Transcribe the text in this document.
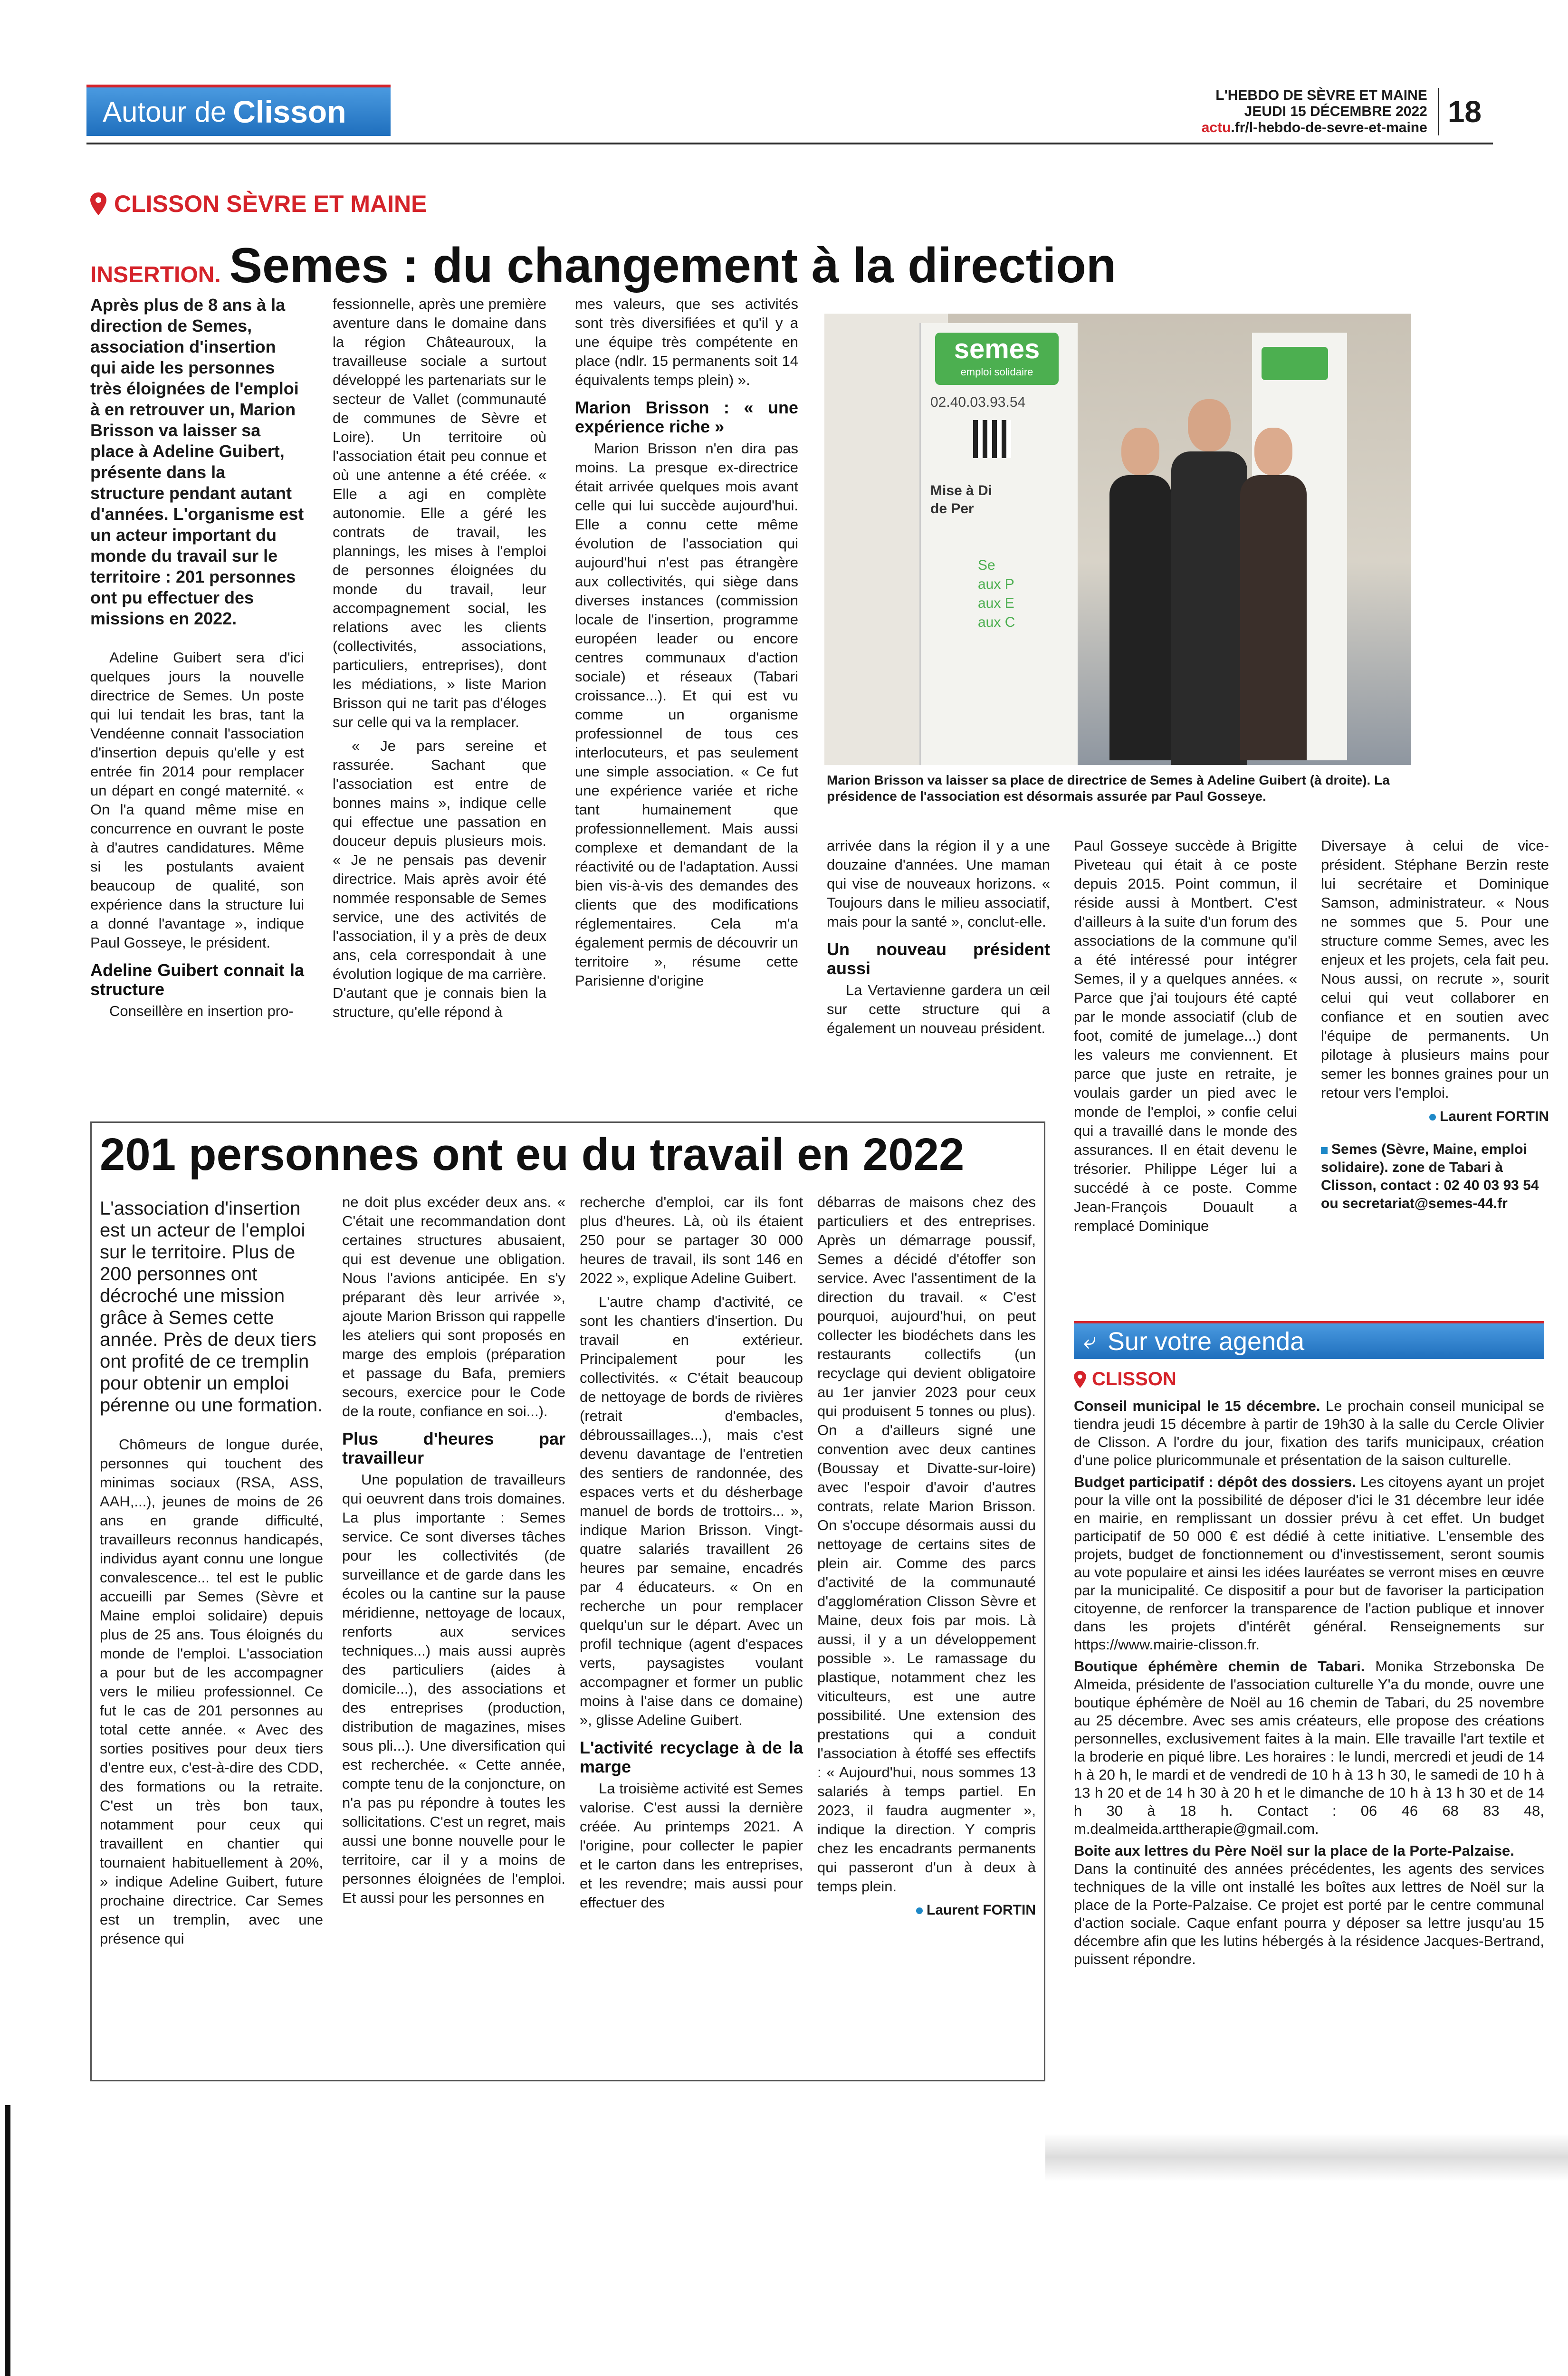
Autour de Clisson	L'HEBDO DE SÈVRE ET MAINE
JEUDI 15 DÉCEMBRE 2022
actu.fr/l-hebdo-de-sevre-et-maine 18
CLISSON SÈVRE ET MAINE
INSERTION. Semes : du changement à la direction

Après plus de 8 ans à la direction de Semes, association d'insertion qui aide les personnes très éloignées de l'emploi à en retrouver un, Marion Brisson va laisser sa place à Adeline Guibert, présente dans la structure pendant autant d'années. L'organisme est un acteur important du monde du travail sur le territoire : 201 personnes ont pu effectuer des missions en 2022.

Adeline Guibert sera d'ici quelques jours la nouvelle directrice de Semes. Un poste qui lui tendait les bras, tant la Vendéenne connait l'association d'insertion depuis qu'elle y est entrée fin 2014 pour remplacer un départ en congé maternité. « On l'a quand même mise en concurrence en ouvrant le poste à d'autres candidatures. Même si les postulants avaient beaucoup de qualité, son expérience dans la structure lui a donné l'avantage », indique Paul Gosseye, le président.

Adeline Guibert connait la structure

Conseillère en insertion pro-

fessionnelle, après une première aventure dans le domaine dans la région Châteauroux, la travailleuse sociale a surtout développé les partenariats sur le secteur de Vallet (communauté de communes de Sèvre et Loire). Un territoire où l'association était peu connue et où une antenne a été créée. « Elle a agi en complète autonomie. Elle a géré les contrats de travail, les plannings, les mises à l'emploi de personnes éloignées du monde du travail, leur accompagnement social, les relations avec les clients (collectivités, associations, particuliers, entreprises), dont les médiations, » liste Marion Brisson qui ne tarit pas d'éloges sur celle qui va la remplacer.

« Je pars sereine et rassurée. Sachant que l'association est entre de bonnes mains », indique celle qui effectue une passation en douceur depuis plusieurs mois. « Je ne pensais pas devenir directrice. Mais après avoir été nommée responsable de Semes service, une des activités de l'association, il y a près de deux ans, cela correspondait à une évolution logique de ma carrière. D'autant que je connais bien la structure, qu'elle répond à

mes valeurs, que ses activités sont très diversifiées et qu'il y a une équipe très compétente en place (ndlr. 15 permanents soit 14 équivalents temps plein) ».

Marion Brisson : « une expérience riche »

Marion Brisson n'en dira pas moins. La presque ex-directrice était arrivée quelques mois avant celle qui lui succède aujourd'hui. Elle a connu cette même évolution de l'association qui aujourd'hui n'est pas étrangère aux collectivités, qui siège dans diverses instances (commission locale de l'insertion, programme européen leader ou encore centres communaux d'action sociale) et réseaux (Tabari croissance...). Et qui est vu comme un organisme professionnel de tous ces interlocuteurs, et pas seulement une simple association. « Ce fut une expérience variée et riche tant humainement que professionnellement. Mais aussi complexe et demandant de la réactivité ou de l'adaptation. Aussi bien vis-à-vis des demandes des clients que des modifications réglementaires. Cela m'a également permis de découvrir un territoire », résume cette Parisienne d'origine

semes
emploi solidaire
02.40.03.93.54
Mise à Di de Per
Se aux P aux E aux C
Marion Brisson va laisser sa place de directrice de Semes à Adeline Guibert (à droite). La présidence de l'association est désormais assurée par Paul Gosseye.

arrivée dans la région il y a une douzaine d'années. Une maman qui vise de nouveaux horizons. « Toujours dans le milieu associatif, mais pour la santé », conclut-elle.

Un nouveau président aussi

La Vertavienne gardera un œil sur cette structure qui a également un nouveau président.

Paul Gosseye succède à Brigitte Piveteau qui était à ce poste depuis 2015. Point commun, il réside aussi à Montbert. C'est d'ailleurs à la suite d'un forum des associations de la commune qu'il a été intéressé pour intégrer Semes, il y a quelques années. « Parce que j'ai toujours été capté par le monde associatif (club de foot, comité de jumelage...) dont les valeurs me conviennent. Et parce que juste en retraite, je voulais garder un pied avec le monde de l'emploi, » confie celui qui a travaillé dans le monde des assurances. Il en était devenu le trésorier. Philippe Léger lui a succédé à ce poste. Comme Jean-François Douault a remplacé Dominique

Diversaye à celui de vice-président. Stéphane Berzin reste lui secrétaire et Dominique Samson, administrateur. « Nous ne sommes que 5. Pour une structure comme Semes, avec les enjeux et les projets, cela fait peu. Nous aussi, on recrute », sourit celui qui veut collaborer en confiance et en soutien avec l'équipe de permanents. Un pilotage à plusieurs mains pour semer les bonnes graines pour un retour vers l'emploi.

Laurent FORTIN
Semes (Sèvre, Maine, emploi solidaire). zone de Tabari à Clisson, contact : 02 40 03 93 54 ou secretariat@semes-44.fr
201 personnes ont eu du travail en 2022

L'association d'insertion est un acteur de l'emploi sur le territoire. Plus de 200 personnes ont décroché une mission grâce à Semes cette année. Près de deux tiers ont profité de ce tremplin pour obtenir un emploi pérenne ou une formation.

Chômeurs de longue durée, personnes qui touchent des minimas sociaux (RSA, ASS, AAH,...), jeunes de moins de 26 ans en grande difficulté, travailleurs reconnus handicapés, individus ayant connu une longue convalescence... tel est le public accueilli par Semes (Sèvre et Maine emploi solidaire) depuis plus de 25 ans. Tous éloignés du monde de l'emploi. L'association a pour but de les accompagner vers le milieu professionnel. Ce fut le cas de 201 personnes au total cette année. « Avec des sorties positives pour deux tiers d'entre eux, c'est-à-dire des CDD, des formations ou la retraite. C'est un très bon taux, notamment pour ceux qui travaillent en chantier qui tournaient habituellement à 20%, » indique Adeline Guibert, future prochaine directrice. Car Semes est un tremplin, avec une présence qui

ne doit plus excéder deux ans. « C'était une recommandation dont certaines structures abusaient, qui est devenue une obligation. Nous l'avions anticipée. En s'y préparant dès leur arrivée », ajoute Marion Brisson qui rappelle les ateliers qui sont proposés en marge des emplois (préparation et passage du Bafa, premiers secours, exercice pour le Code de la route, confiance en soi...).

Plus d'heures par travailleur

Une population de travailleurs qui oeuvrent dans trois domaines. La plus importante : Semes service. Ce sont diverses tâches pour les collectivités (de surveillance et de garde dans les écoles ou la cantine sur la pause méridienne, nettoyage de locaux, renforts aux services techniques...) mais aussi auprès des particuliers (aides à domicile...), des associations et des entreprises (production, distribution de magazines, mises sous pli...). Une diversification qui est recherchée. « Cette année, compte tenu de la conjoncture, on n'a pas pu répondre à toutes les sollicitations. C'est un regret, mais aussi une bonne nouvelle pour le territoire, car il y a moins de personnes éloignées de l'emploi. Et aussi pour les personnes en

recherche d'emploi, car ils font plus d'heures. Là, où ils étaient 250 pour se partager 30 000 heures de travail, ils sont 146 en 2022 », explique Adeline Guibert.

L'autre champ d'activité, ce sont les chantiers d'insertion. Du travail en extérieur. Principalement pour les collectivités. « C'était beaucoup de nettoyage de bords de rivières (retrait d'embacles, débroussaillages...), mais c'est devenu davantage de l'entretien des sentiers de randonnée, des espaces verts et du désherbage manuel de bords de trottoirs... », indique Marion Brisson. Vingt-quatre salariés travaillent 26 heures par semaine, encadrés par 4 éducateurs. « On en recherche un pour remplacer quelqu'un sur le départ. Avec un profil technique (agent d'espaces verts, paysagistes voulant accompagner et former un public moins à l'aise dans ce domaine) », glisse Adeline Guibert.

L'activité recyclage à de la marge

La troisième activité est Semes valorise. C'est aussi la dernière créée. Au printemps 2021. A l'origine, pour collecter le papier et le carton dans les entreprises, et les revendre; mais aussi pour effectuer des

débarras de maisons chez des particuliers et des entreprises. Après un démarrage poussif, Semes a décidé d'étoffer son service. Avec l'assentiment de la direction du travail. « C'est pourquoi, aujourd'hui, on peut collecter les biodéchets dans les restaurants collectifs (un recyclage qui devient obligatoire au 1er janvier 2023 pour ceux qui produisent 5 tonnes ou plus). On a d'ailleurs signé une convention avec deux cantines (Boussay et Divatte-sur-loire) avec l'espoir d'avoir d'autres contrats, relate Marion Brisson. On s'occupe désormais aussi du nettoyage de certains sites de plein air. Comme des parcs d'activité de la communauté d'agglomération Clisson Sèvre et Maine, deux fois par mois. Là aussi, il y a un développement possible ». Le ramassage du plastique, notamment chez les viticulteurs, est une autre possibilité. Une extension des prestations qui a conduit l'association à étoffé ses effectifs : « Aujourd'hui, nous sommes 13 salariés à temps partiel. En 2023, il faudra augmenter », indique la direction. Y compris chez les encadrants permanents qui passeront d'un à deux à temps plein.

Laurent FORTIN
⤶ Sur votre agenda
CLISSON

Conseil municipal le 15 décembre. Le prochain conseil municipal se tiendra jeudi 15 décembre à partir de 19h30 à la salle du Cercle Olivier de Clisson. A l'ordre du jour, fixation des tarifs municipaux, création d'une police pluricommunale et présentation de la saison culturelle.

Budget participatif : dépôt des dossiers. Les citoyens ayant un projet pour la ville ont la possibilité de déposer d'ici le 31 décembre leur idée en mairie, en remplissant un dossier prévu à cet effet. Un budget participatif de 50 000 € est dédié à cette initiative. L'ensemble des projets, budget de fonctionnement ou d'investissement, seront soumis au vote populaire et ainsi les idées lauréates se verront mises en œuvre par la municipalité. Ce dispositif a pour but de favoriser la participation citoyenne, de renforcer la transparence de l'action publique et innover dans les projets d'intérêt général. Renseignements sur https://www.mairie-clisson.fr.

Boutique éphémère chemin de Tabari. Monika Strzebonska De Almeida, présidente de l'association culturelle Y'a du monde, ouvre une boutique éphémère de Noël au 16 chemin de Tabari, du 25 novembre au 25 décembre. Avec ses amis créateurs, elle propose des créations personnelles, exclusivement faites à la main. Elle travaille l'art textile et la broderie en piqué libre. Les horaires : le lundi, mercredi et jeudi de 14 h à 20 h, le mardi et de vendredi de 10 h à 13 h 30, le samedi de 10 h à 13 h 20 et de 14 h 30 à 20 h et le dimanche de 10 h à 13 h 30 et de 14 h 30 à 18 h. Contact : 06 46 68 83 48, m.dealmeida.arttherapie@gmail.com.

Boite aux lettres du Père Noël sur la place de la Porte-Palzaise.
Dans la continuité des années précédentes, les agents des services techniques de la ville ont installé les boîtes aux lettres de Noël sur la place de la Porte-Palzaise. Ce projet est porté par le centre communal d'action sociale. Caque enfant pourra y déposer sa lettre jusqu'au 15 décembre afin que les lutins hébergés à la résidence Jacques-Bertrand, puissent répondre.
